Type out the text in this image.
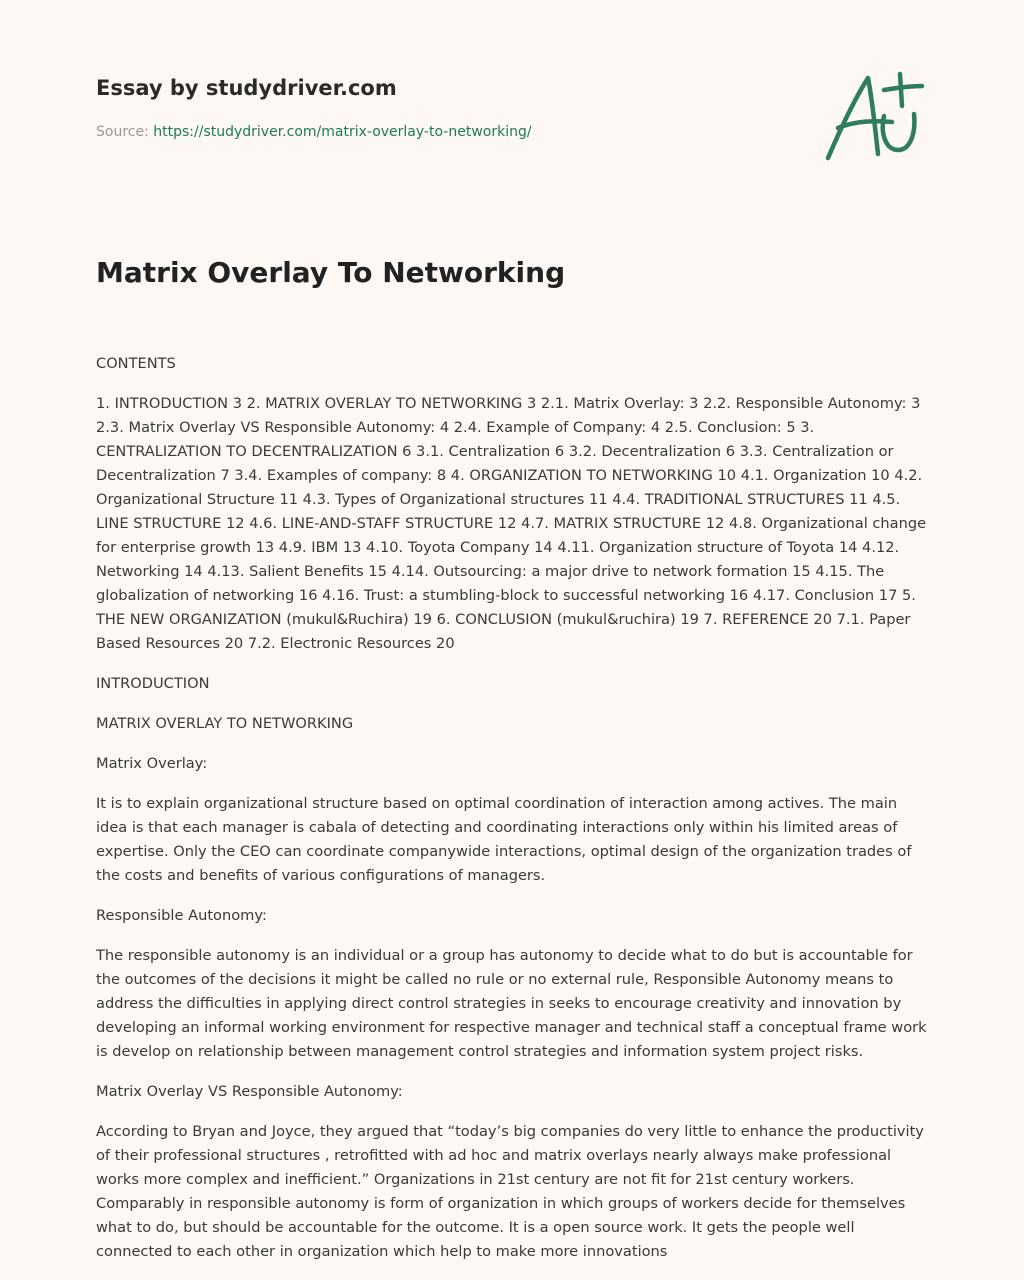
Essay by studydriver.com
Source: https://studydriver.com/matrix-overlay-to-networking/
Matrix Overlay To Networking

CONTENTS

1. INTRODUCTION 3 2. MATRIX OVERLAY TO NETWORKING 3 2.1. Matrix Overlay: 3 2.2. Responsible Autonomy: 3 2.3. Matrix Overlay VS Responsible Autonomy: 4 2.4. Example of Company: 4 2.5. Conclusion: 5 3. CENTRALIZATION TO DECENTRALIZATION 6 3.1. Centralization 6 3.2. Decentralization 6 3.3. Centralization or Decentralization 7 3.4. Examples of company: 8 4. ORGANIZATION TO NETWORKING 10 4.1. Organization 10 4.2. Organizational Structure 11 4.3. Types of Organizational structures 11 4.4. TRADITIONAL STRUCTURES 11 4.5. LINE STRUCTURE 12 4.6. LINE-AND-STAFF STRUCTURE 12 4.7. MATRIX STRUCTURE 12 4.8. Organizational change for enterprise growth 13 4.9. IBM 13 4.10. Toyota Company 14 4.11. Organization structure of Toyota 14 4.12. Networking 14 4.13. Salient Benefits 15 4.14. Outsourcing: a major drive to network formation 15 4.15. The globalization of networking 16 4.16. Trust: a stumbling-block to successful networking 16 4.17. Conclusion 17 5. THE NEW ORGANIZATION (mukul&Ruchira) 19 6. CONCLUSION (mukul&ruchira) 19 7. REFERENCE 20 7.1. Paper Based Resources 20 7.2. Electronic Resources 20

INTRODUCTION

MATRIX OVERLAY TO NETWORKING

Matrix Overlay:

It is to explain organizational structure based on optimal coordination of interaction among actives. The main idea is that each manager is cabala of detecting and coordinating interactions only within his limited areas of expertise. Only the CEO can coordinate companywide interactions, optimal design of the organization trades of the costs and benefits of various configurations of managers.

Responsible Autonomy:

The responsible autonomy is an individual or a group has autonomy to decide what to do but is accountable for the outcomes of the decisions it might be called no rule or no external rule, Responsible Autonomy means to address the difficulties in applying direct control strategies in seeks to encourage creativity and innovation by developing an informal working environment for respective manager and technical staff a conceptual frame work is develop on relationship between management control strategies and information system project risks.

Matrix Overlay VS Responsible Autonomy:

According to Bryan and Joyce, they argued that “today’s big companies do very little to enhance the productivity of their professional structures , retrofitted with ad hoc and matrix overlays nearly always make professional works more complex and inefficient.” Organizations in 21st century are not fit for 21st century workers. Comparably in responsible autonomy is form of organization in which groups of workers decide for themselves what to do, but should be accountable for the outcome. It is a open source work. It gets the people well connected to each other in organization which help to make more innovations
